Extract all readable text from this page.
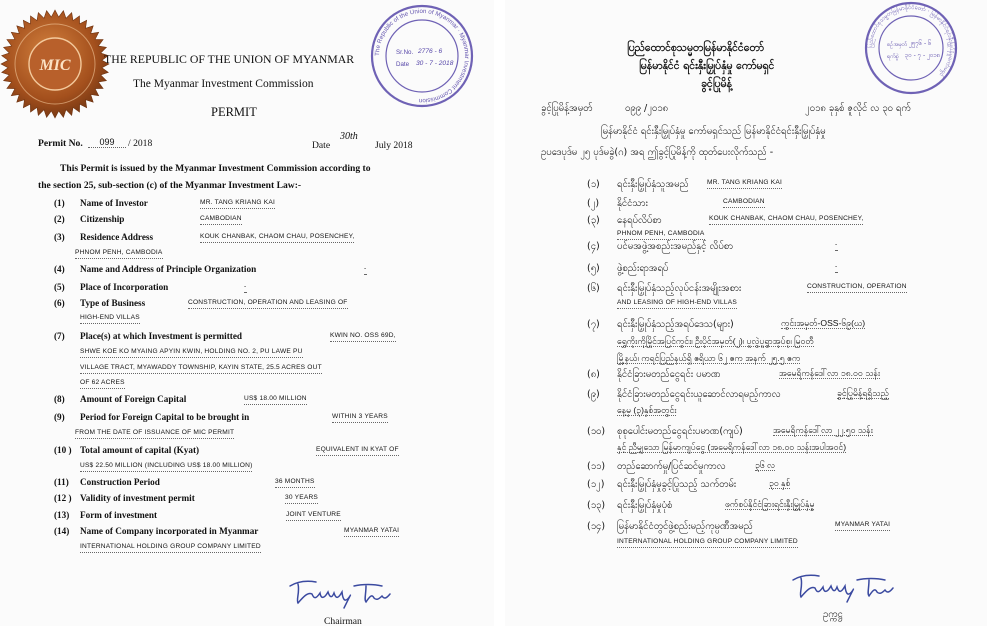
MIC	THE REPUBLIC OF THE UNION OF MYANMAR
The Myanmar Investment Commission
PERMIT
Permit No.	099	/ 2018	Date
30th
July 2018
This Permit is issued by the Myanmar Investment Commission according to
the section 25, sub-section (c) of the Myanmar Investment Law:-
(1) Name of Investor	MR. TANG KRIANG KAI
(2) Citizenship	CAMBODIAN
(3) Residence Address	KOUK CHANBAK, CHAOM CHAU, POSENCHEY,
PHNOM PENH, CAMBODIA
(4) Name and Address of Principle Organization	-
(5) Place of Incorporation	-
(6) Type of Business	CONSTRUCTION, OPERATION AND LEASING OF
HIGH-END VILLAS
(7) Place(s) at which Investment is permitted	KWIN NO. OSS 69D,
SHWE KOE KO MYAING APYIN KWIN, HOLDING NO. 2, PU LAWE PU
VILLAGE TRACT, MYAWADDY TOWNSHIP, KAYIN STATE, 25.5 ACRES OUT
OF 62 ACRES
(8) Amount of Foreign Capital	US$ 18.00 MILLION
(9) Period for Foreign Capital to be brought in	WITHIN 3 YEARS
FROM THE DATE OF ISSUANCE OF MIC PERMIT
(10 ) Total amount of capital (Kyat)	EQUIVALENT IN KYAT OF
US$ 22.50 MILLION (INCLUDING US$ 18.00 MILLION)
(11) Construction Period	36 MONTHS
(12 ) Validity of investment permit	30 YEARS
(13) Form of investment	JOINT VENTURE
(14) Name of Company incorporated in Myanmar	MYANMAR YATAI
INTERNATIONAL HOLDING GROUP COMPANY LIMITED
Chairman
The Republic of the Union of Myanmar · Myanmar Investment Commission
Sr.No. 2776 - 6
Date 30 - 7 - 2018
ပြည်ထောင်စုသမ္မတမြန်မာနိုင်ငံတော်
မြန်မာနိုင်ငံ ရင်းနှီးမြှုပ်နှံမှု ကော်မရှင်
ခွင့်ပြုမိန့်
ခွင့်ပြုမိန့်အမှတ်	၀၉၉ /၂၀၁၈	၂၀၁၈ ခုနှစ် ဇူလိုင် လ ၃၀ ရက်
မြန်မာနိုင်ငံ ရင်းနှီးမြှုပ်နှံမှု ကော်မရှင်သည် မြန်မာနိုင်ငံရင်းနှီးမြှုပ်နှံမှု
ဥပဒေပုဒ်မ ၂၅ ပုဒ်မခွဲ(ဂ) အရ ဤခွင့်ပြုမိန့်ကို ထုတ်ပေးလိုက်သည် -
(၁) ရင်းနှီးမြှုပ်နှံသူအမည်	MR. TANG KRIANG KAI
(၂) နိုင်ငံသား	CAMBODIAN
(၃) နေရပ်လိပ်စာ	KOUK CHANBAK, CHAOM CHAU, POSENCHEY,
PHNOM PENH, CAMBODIA
(၄) ပင်မအဖွဲ့အစည်းအမည်နှင့် လိပ်စာ	-
(၅) ဖွဲ့စည်းရာအရပ်	-
(၆) ရင်းနှီးမြှုပ်နှံသည့်လုပ်ငန်းအမျိုးအစား	CONSTRUCTION, OPERATION
AND LEASING OF HIGH-END VILLAS
(၇) ရင်းနှီးမြှုပ်နှံသည့်အရပ်ဒေသ(များ)	ကွင်းအမှတ်-OSS-၆၉(ဃ)
ရွှေကိုးကိုမြိုင်အပြင်ကွင်း၊ ဦးပိုင်အမှတ်(၂)၊ ပူလွဲပူရွာအုပ်စု၊ မြဝတီ
မြို့နယ်၊ ကရင်ပြည်နယ်ရှိ ဧရိယာ ၆၂ ဧက အနက် ၂၅.၅ ဧက
(၈) နိုင်ငံခြားမတည်ငွေရင်း ပမာဏ	အမေရိကန်ဒေါ်လာ ၁၈.၀၀ သန်း
(၉) နိုင်ငံခြားမတည်ငွေရင်းယူဆောင်လာရမည့်ကာလ	ခွင့်ပြုမိန့်ရရှိသည့်
နေ့မှ (၃)နှစ်အတွင်း
(၁၀) စုစုပေါင်းမတည်ငွေရင်းပမာဏ(ကျပ်)	အမေရိကန်ဒေါ်လာ ၂၂.၅၀ သန်း
နှင့် ညီမျှသော မြန်မာကျပ်ငွေ (အမေရိကန်ဒေါ်လာ ၁၈.၀၀ သန်းအပါအဝင်)
(၁၁) တည်ဆောက်မှု/ပြင်ဆင်မှုကာလ	၃၆ လ
(၁၂) ရင်းနှီးမြှုပ်နှံမှုခွင့်ပြုသည့် သက်တမ်း	၃၀ နှစ်
(၁၃) ရင်းနှီးမြှုပ်နှံမှုပုံစံ	ဖက်စပ်နိုင်ငံခြားရင်းနှီးမြှုပ်နှံမှု
(၁၄) မြန်မာနိုင်ငံတွင်ဖွဲ့စည်းမည့်ကုမ္ပဏီအမည်	MYANMAR YATAI
INTERNATIONAL HOLDING GROUP COMPANY LIMITED
ဥက္ကဋ္ဌ
ပြည်ထောင်စုသမ္မတမြန်မာနိုင်ငံတော် · မြန်မာနိုင်ငံရင်းနှီးမြှုပ်နှံမှုကော်မရှင်
စဉ်အမှတ် ၂၅၇၆ - ၆
ရက်စွဲ ၃၀ - ၇ - ၂၀၁၈
